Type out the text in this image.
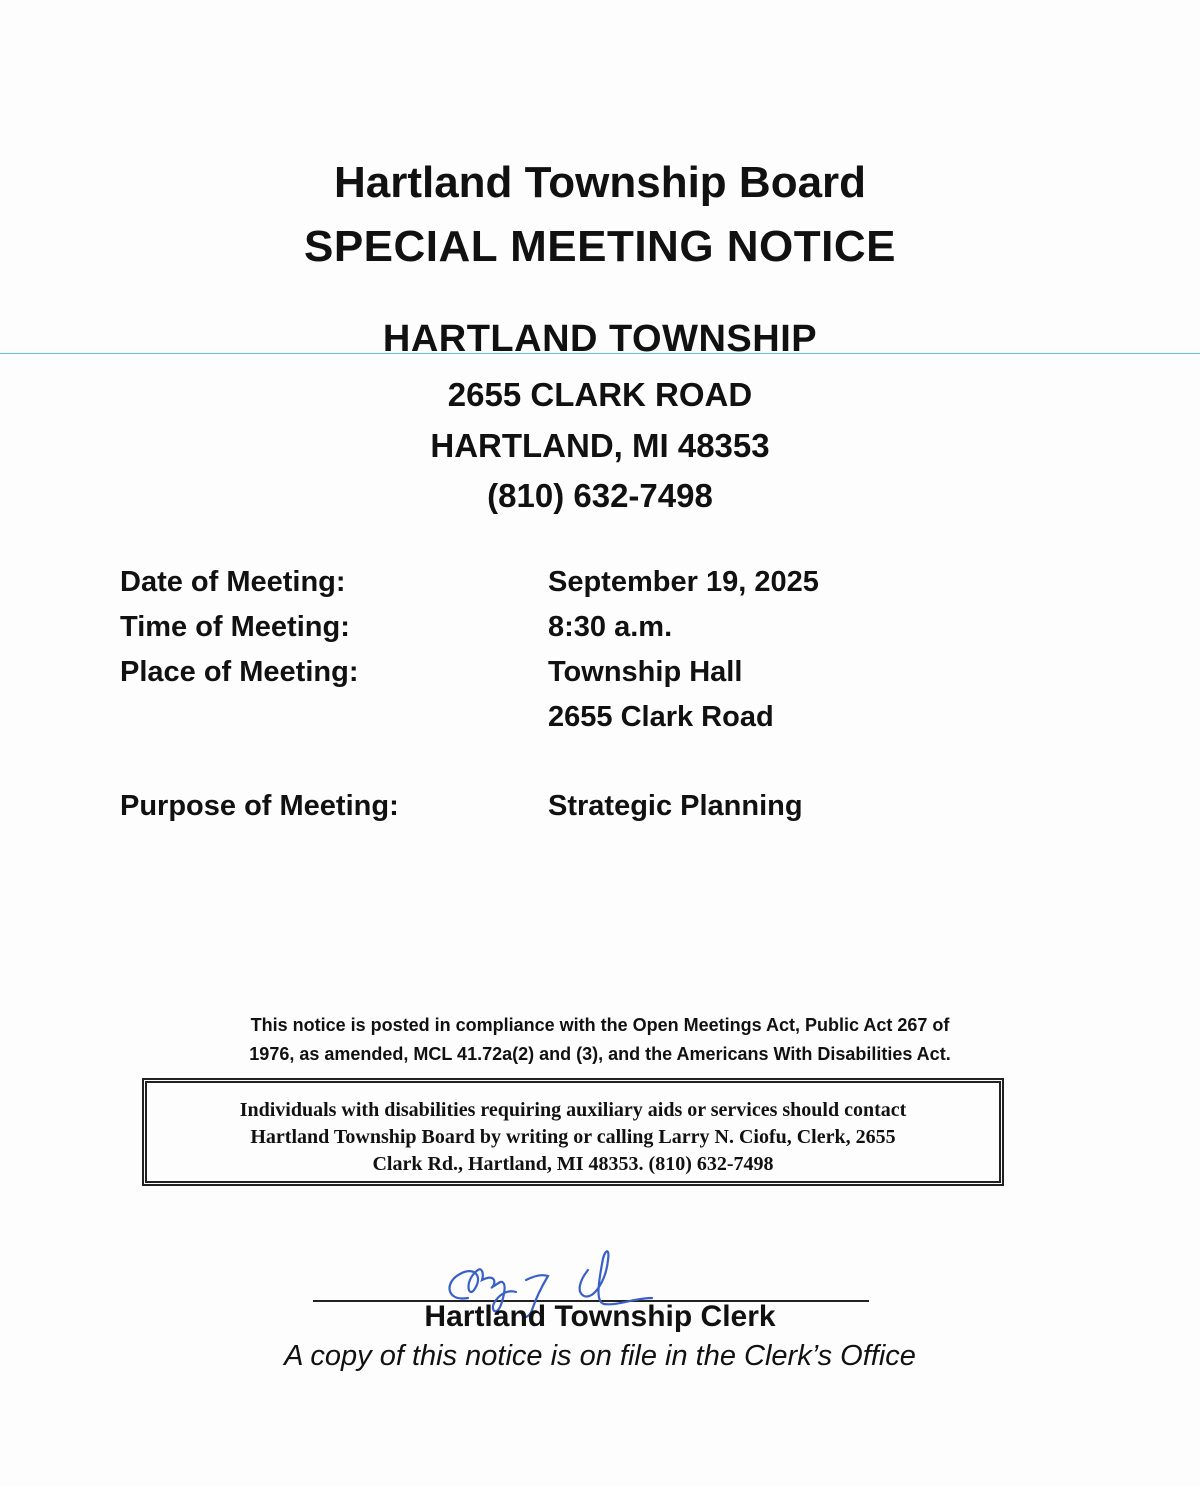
Hartland Township Board
SPECIAL MEETING NOTICE
HARTLAND TOWNSHIP
2655 CLARK ROAD
HARTLAND, MI 48353
(810) 632-7498
Date of Meeting:	September 19, 2025
Time of Meeting:	8:30 a.m.
Place of Meeting:	Township Hall
2655 Clark Road
Purpose of Meeting:	Strategic Planning
This notice is posted in compliance with the Open Meetings Act, Public Act 267 of
1976, as amended, MCL 41.72a(2) and (3), and the Americans With Disabilities Act.
Individuals with disabilities requiring auxiliary aids or services should contact
Hartland Township Board by writing or calling Larry N. Ciofu, Clerk, 2655
Clark Rd., Hartland, MI 48353. (810) 632-7498
Hartland Township Clerk
A copy of this notice is on file in the Clerk’s Office
